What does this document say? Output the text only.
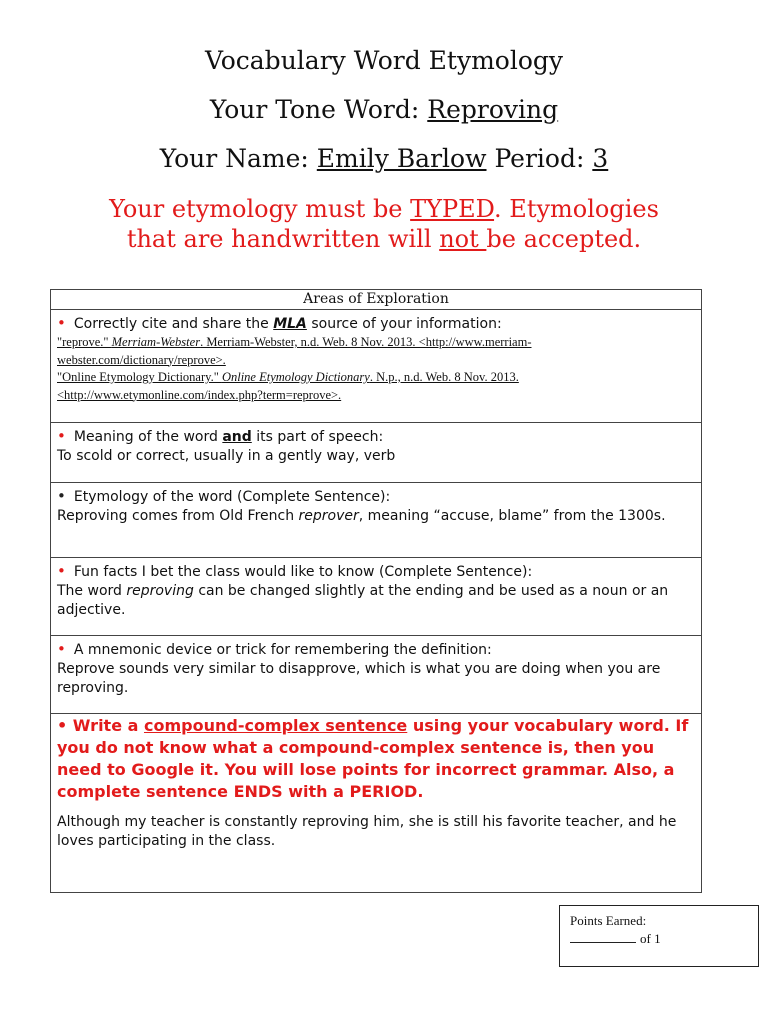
Vocabulary Word Etymology
Your Tone Word: Reproving
Your Name: Emily Barlow Period: 3
Your etymology must be TYPED. Etymologies
that are handwritten will not be accepted.
Areas of Exploration

• Correctly cite and share the MLA source of your information:
"reprove." Merriam-Webster. Merriam-Webster, n.d. Web. 8 Nov. 2013. <http://www.merriam-
webster.com/dictionary/reprove>.
"Online Etymology Dictionary." Online Etymology Dictionary. N.p., n.d. Web. 8 Nov. 2013.
<http://www.etymonline.com/index.php?term=reprove>.

• Meaning of the word and its part of speech:
To scold or correct, usually in a gently way, verb

• Etymology of the word (Complete Sentence):
Reproving comes from Old French reprover, meaning “accuse, blame” from the 1300s.

• Fun facts I bet the class would like to know (Complete Sentence):
The word reproving can be changed slightly at the ending and be used as a noun or an adjective.

• A mnemonic device or trick for remembering the definition:
Reprove sounds very similar to disapprove, which is what you are doing when you are reproving.

• Write a compound-complex sentence using your vocabulary word. If you do not know what a compound-complex sentence is, then you need to Google it. You will lose points for incorrect grammar. Also, a complete sentence ENDS with a PERIOD.
Although my teacher is constantly reproving him, she is still his favorite teacher, and he loves participating in the class.
Points Earned:
of 1
